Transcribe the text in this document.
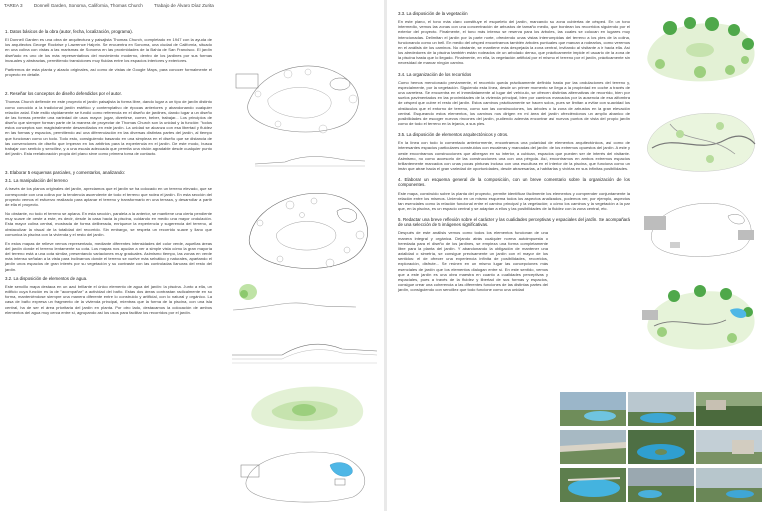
TAREA 3 Donnell Garden, Sonoma, California, Thomas Church Trabajo de Álvaro Díaz Zurita
1. Datos básicos de la obra (autor, fecha, localización, programa).

El Donnell Garden es una obra de arquitectura y paisajista Thomas Church, completado en 1947 con la ayuda de los arquitectos George Rockrise y Lawrence Halprin. Se encuentra en Sonoma, una ciudad de California, situado en una colina con vistas a las marismas de Sonoma en las proximidades de la Bahía de San Francisco. El jardín diseñado es uno de los más representativos del movimiento moderno, dentro de los jardines por sus formas inusuales y abstractas, permitiendo transiciones muy fluidas entre los espacios interiores y exteriores.

Partiremos de esta planta y alzado originales, así como de vistas de Google Maps, para conocer formalmente el proyecto en detalle.

2. Reseñar los conceptos de diseño defendidos por el autor.

Thomas Church defiende en este proyecto el jardín paisajista la forma libre, dando lugar a un tipo de jardín distinto como conocido a la tradicional jardín estético y contemplativo de épocas anteriores y abandonando cualquier relación axial. Este estilo rápidamente se fundió como referencia en el diseño de jardines, dando lugar a un diseño de las formas permite una variedad de usos mayor: jugar, divertirse, comer, beber, trabajar... Los principios de diseño que siempre forman parte de la manera de proyectar de Thomas Church son la unidad y la función: "todos estos conceptos son magistralmente desarrollados en este jardín. La unidad se alcanza con esa libertad y fluidez en las formas y espacios, permitiendo así una diferenciación en las diversas distintas partes del jardín, al tiempo que funcionan como un todo. Todo esto, consiguiendo basando en una simpleza en el diseño que se distancia de las convenciones de diseño que imperan en los arbitrios para la experiencia en el jardín. De este modo, busca trabajar con sentido y sencillez, y a una escala adecuada que permita una visión agradable desde cualquier punto del jardín. Esta reelaboración propia del plano sirve como primera toma de contacto.

3. Elaborar 5 esquemas parciales, y comentarlos, analizando:
3.1. La manipulación del terreno

A través de los planos originales del jardín, apreciamos que el jardín se ha colocado en un terreno elevado, que se corresponde con una colina por la tendencia ascendente de todo el terreno que rodea el jardín. En esta sección del proyecto vemos el esfuerzo realizado para aplanar el terreno y transformarlo en una terraza, y desarrollar a partir de ella el proyecto.

No obstante, no todo el terreno se aplana. En esta sección, paralela a la anterior, se mantiene una cierta pendiente muy suave de oeste a este, es decir, desde la casa hacia la piscina, cuidando en medio una mayor ondulación. Esta mayor colina central, mostrada de forma deliberada, enriquece la experiencia y sugerencia del terreno, al obstaculizar la visual de la totalidad del recorrido. Sin embargo, se respeta un recorrido suave y llano que comunica la piscina con la vivienda y el resto del jardín.

En estos mapas de relieve vemos representado, mediante diferentes intensidades del color verde, aquellas áreas del jardín donde el terreno lentamente su cota. Los mapas nos ayudan a ver a simple vista cómo la gran mayoría del terreno está a una cota similar, presentando variaciones muy graduales. Asimismo tiempo, las zonas en verde más intenso señalan a la vista para inclinarnos donde el terreno se vuelve más selvático y naturales, apartando el jardín unos espacios de gran interés por su vegetación y su contraste con las controladas llanuras del resto del jardín.

3.2. La disposición de elementos de agua.

Este sencillo mapa destaca en un azul brillante el único elemento de agua del jardín: la piscina. Junto a ella, un edificio cuya función es la de "acompañar" a actividad del baño. Estas dos áreas contrastan radicalmente en su forma, manteniéndose siempre una manera diferente entre lo construido y artificial, con lo natural y orgánico. La casa de baño expresa un fragmento de la vivienda principal, mientras que la forma de la piscina, con una isla central, ha de ser el área prioritaria del jardín en planta. Por otro lado, destacamos la colocación de ambos elementos del agua muy cerca entre sí, agrupando así los usos para facilitar los recorridos por el jardín.

3.3. La disposición de la vegetación

En este plano, el tono más claro constituye el esqueleto del jardín, marcando su zona cubiertas de césped. En un tono intermedio, vemos las zonas con una concentración de arbustos de tamaño medio, que bordean los recorridos siguiendo por el exterior del proyecto. Finalmente, el tono más intenso se reserva para los árboles, las cuales se colocan en lugares muy intencionadas. Delimitan el jardín por la parte norte, ofreciendo unas vistas interrumpidas del terreno a los pies de la colina, funcionando como un bell. En medio del césped encontramos también árboles puntuales que marcan a rodearlos, como veremos en el análisis de los caminos. No obstante, se mantiene más despejada la zona central, invitando al visitante a ir hacia ella. Así los alrededores de la piscina también están rodeados de un arbolado denso, que prácticamente impide el usuario de la zona de la piscina hasta que lo llegado. Finalmente, en ella, la vegetación artificial por el mismo el terreno por el jardín, prácticamente sin necesidad de marcar ningún camino.

3.4. La organización de los recorridos

Como hemos mencionado previamente, el recorrido queda prácticamente definido hasta por las ondulaciones del terreno y, especialmente, por la vegetación. Siguiendo esta línea, desde un primer momento se llega a la propiedad en coche a través de una carretera. Se encuentra en el inmediatamente al lugar del vehículo, se ofrecen distintas alternativas de recorrido, bien por suelos pavimentados en las proximidades de la vivienda principal, bien por caminos marcados por la ausencia de esa alfombra de césped que cubre el resto del jardín. Estos caminos prácticamente se hacen solos, pues se limitan a evitar con suavidad los obstáculos que el entorno de terreno, como son las construcciones, los árboles o la zona de arbustos en la gran elevación central. Esqueando estos elementos, los caminos nos dirigen en mi área del jardín ofreciéndonos un amplio abanico de posibilidades de escoger nuevos rincones del jardín, pudiendo además encontrar así nuevos puntos de vista del propio jardín como de todo el terreno en la lejanía, a sus pies.

3.5. La disposición de elementos arquitectónicos y otros.

En la línea con todo lo comentado anteriormente, encontramos una polaridad de elementos arquitectónicos, así como de interesantes espacios particulares construidos con escaleras y marcadas del jardín: de los extremos opuestos del jardín. A este y oeste encontramos construcciones que albergan en su interior, a cubican, espacios que pueden ser de interés del visitante. Asimismo, no como accesorio de las construcciones una con una pérgola. Así, encontramos en ambos extremos espacios brillantemente marcados con unas pocas pinturas incluso con una escultura en el interior de la piscina, que funciona como un imán que atrae hacia el gran variedad de oportunidades, desde atravesarlas, a habitarlas y vivirlas en sus infinitas posibilidades.

4. Elaborar un esquema general de la composición, con un breve comentario sobre la organización de los componentes.

Este mapa, construido sobre la planta del proyecto, permite identificar fácilmente los elementos y comprender conjuntamente la relación entre los mismos. Uniendo en un mismo esquema todos los aspectos analizados, podemos ver, por ejemplo, aspectos tan esenciales como la relación funcional entre el camino principal y la vegetación; o cómo los caminos y la vegetación a la par que, en la piscina, es un espacio central y se adaptan a ellos y las posibilidades de la fluidez con la zona central, etc.

5. Redactar una breve reflexión sobre el carácter y las cualidades perceptivas y espaciales del jardín. Se acompañará de una selección de 5 imágenes significativas.

Después de este análisis vemos como todos los elementos funcionan de una manera integral y orgánica. Dejando atrás cualquier norma autoimpuesta o heredada para el diseño de los jardines, se empieza una forma completamente libre para la planta del jardín. Y abandonando la obligación de mantener una axialidad o simetría, se consigue precisamente un jardín con el mayor de los sentidos: el de ofrecer una experiencia infinita de posibilidades, recorridos, exploración, disfrute... Se reúnen en un mismo lugar las concepciones más esenciales de jardín que los elementos dialogan entre sí. En este sentido, vemos que a este jardín es una obra maestra en cuanto a cualidades perceptivas y espaciales, pues a través de la fluidez y libertad de sus formas y espacios, consigue crear una coherencia a las diferentes funciones de las distintas partes del jardín, consiguiendo con sencillez que todo funcione como una unidad
